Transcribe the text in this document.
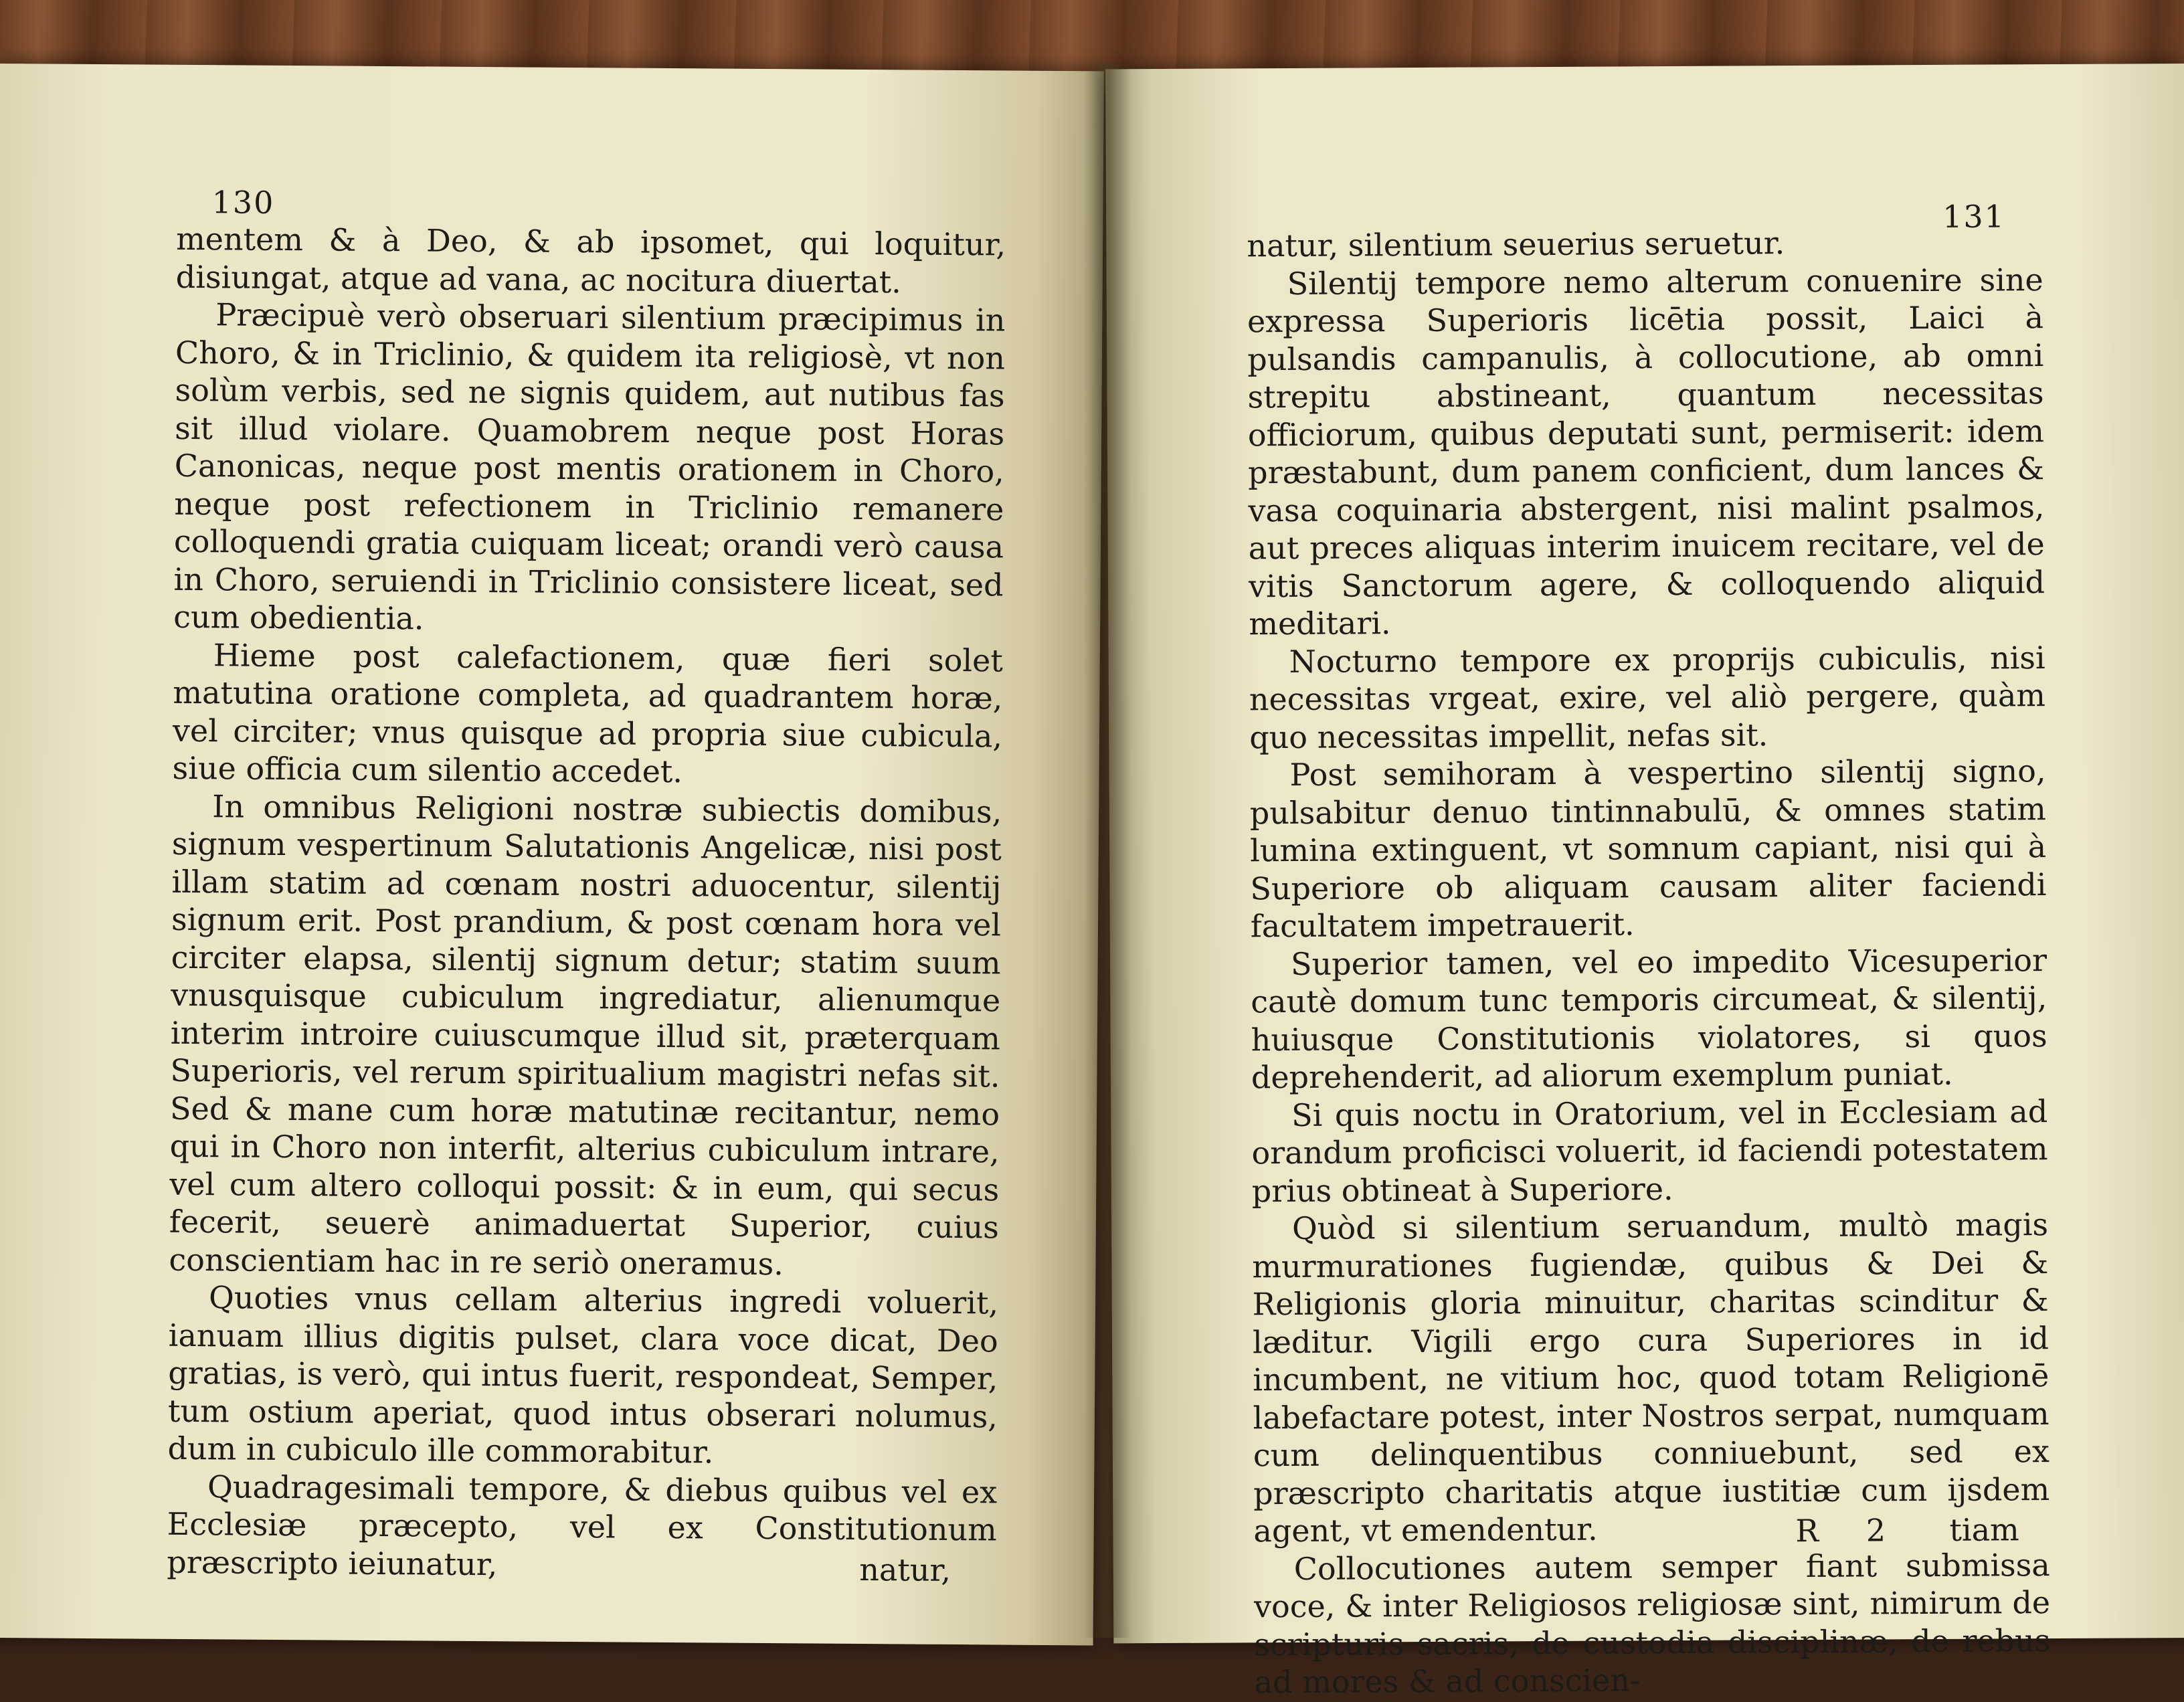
130

mentem & à Deo, & ab ipsomet, qui loquitur, disiungat, atque ad vana, ac nocitura diuertat.

Præcipuè verò obseruari silentium præcipimus in Choro, & in Triclinio, & quidem ita religiosè, vt non solùm verbis, sed ne signis quidem, aut nutibus fas sit illud violare. Quamobrem neque post Horas Canonicas, neque post mentis orationem in Choro, neque post refectionem in Triclinio remanere colloquendi gratia cuiquam liceat; orandi verò causa in Choro, seruiendi in Triclinio consistere liceat, sed cum obedientia.

Hieme post calefactionem, quæ fieri solet matutina oratione completa, ad quadrantem horæ, vel circiter; vnus quisque ad propria siue cubicula, siue officia cum silentio accedet.

In omnibus Religioni nostræ subiectis domibus, signum vespertinum Salutationis Angelicæ, nisi post illam statim ad cœnam nostri aduocentur, silentij signum erit. Post prandium, & post cœnam hora vel circiter elapsa, silentij signum detur; statim suum vnusquisque cubiculum ingrediatur, alienumque interim introire cuiuscumque illud sit, præterquam Superioris, vel rerum spiritualium magistri nefas sit. Sed & mane cum horæ matutinæ recitantur, nemo qui in Choro non interfit, alterius cubiculum intrare, vel cum altero colloqui possit: & in eum, qui secus fecerit, seuerè animaduertat Superior, cuius conscientiam hac in re seriò oneramus.

Quoties vnus cellam alterius ingredi voluerit, ianuam illius digitis pulset, clara voce dicat, Deo gratias, is verò, qui intus fuerit, respondeat, Semper, tum ostium aperiat, quod intus obserari nolumus, dum in cubiculo ille commorabitur.

Quadragesimali tempore, & diebus quibus vel ex Ecclesiæ præcepto, vel ex Constitutionum præscripto ieiunatur,	natur,
131

natur, silentium seuerius seruetur.

Silentij tempore nemo alterum conuenire sine expressa Superioris licētia possit, Laici à pulsandis campanulis, à collocutione, ab omni strepitu abstineant, quantum necessitas officiorum, quibus deputati sunt, permiserit: idem præstabunt, dum panem conficient, dum lances & vasa coquinaria abstergent, nisi malint psalmos, aut preces aliquas interim inuicem recitare, vel de vitis Sanctorum agere, & colloquendo aliquid meditari.

Nocturno tempore ex proprijs cubiculis, nisi necessitas vrgeat, exire, vel aliò pergere, quàm quo necessitas impellit, nefas sit.

Post semihoram à vespertino silentij signo, pulsabitur denuo tintinnabulū, & omnes statim lumina extinguent, vt somnum capiant, nisi qui à Superiore ob aliquam causam aliter faciendi facultatem impetrauerit.

Superior tamen, vel eo impedito Vicesuperior cautè domum tunc temporis circumeat, & silentij, huiusque Constitutionis violatores, si quos deprehenderit, ad aliorum exemplum puniat.

Si quis noctu in Oratorium, vel in Ecclesiam ad orandum proficisci voluerit, id faciendi potestatem prius obtineat à Superiore.

Quòd si silentium seruandum, multò magis murmurationes fugiendæ, quibus & Dei & Religionis gloria minuitur, charitas scinditur & læditur. Vigili ergo cura Superiores in id incumbent, ne vitium hoc, quod totam Religionē labefactare potest, inter Nostros serpat, numquam cum delinquentibus conniuebunt, sed ex præscripto charitatis atque iustitiæ cum ijsdem agent, vt emendentur.

Collocutiones autem semper fiant submissa voce, & inter Religiosos religiosæ sint, nimirum de scripturis sacris, de custodia disciplinæ, de rebus ad mores & ad conscien-

R 2 tiam
